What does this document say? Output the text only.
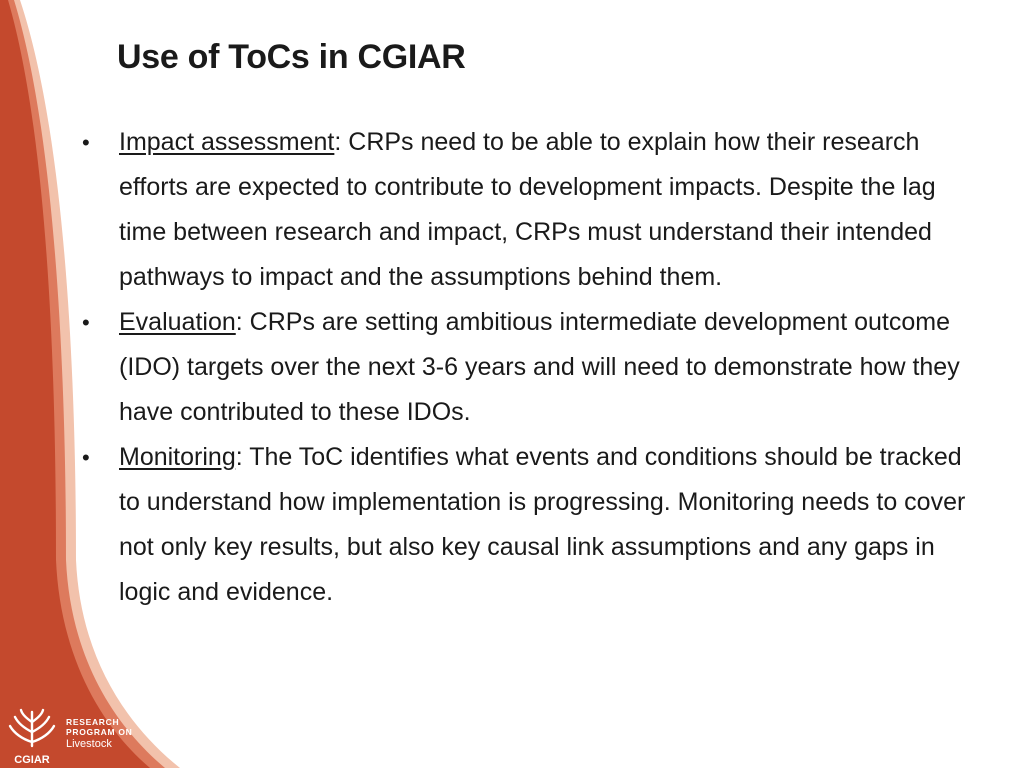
Use of ToCs in CGIAR
• Impact assessment: CRPs need to be able to explain how their research efforts are expected to contribute to development impacts. Despite the lag time between research and impact, CRPs must understand their intended pathways to impact and the assumptions behind them.
• Evaluation: CRPs are setting ambitious intermediate development outcome (IDO) targets over the next 3-6 years and will need to demonstrate how they have contributed to these IDOs.
• Monitoring: The ToC identifies what events and conditions should be tracked to understand how implementation is progressing. Monitoring needs to cover not only key results, but also key causal link assumptions and any gaps in logic and evidence.
CGIAR
RESEARCH
PROGRAM ON
Livestock
